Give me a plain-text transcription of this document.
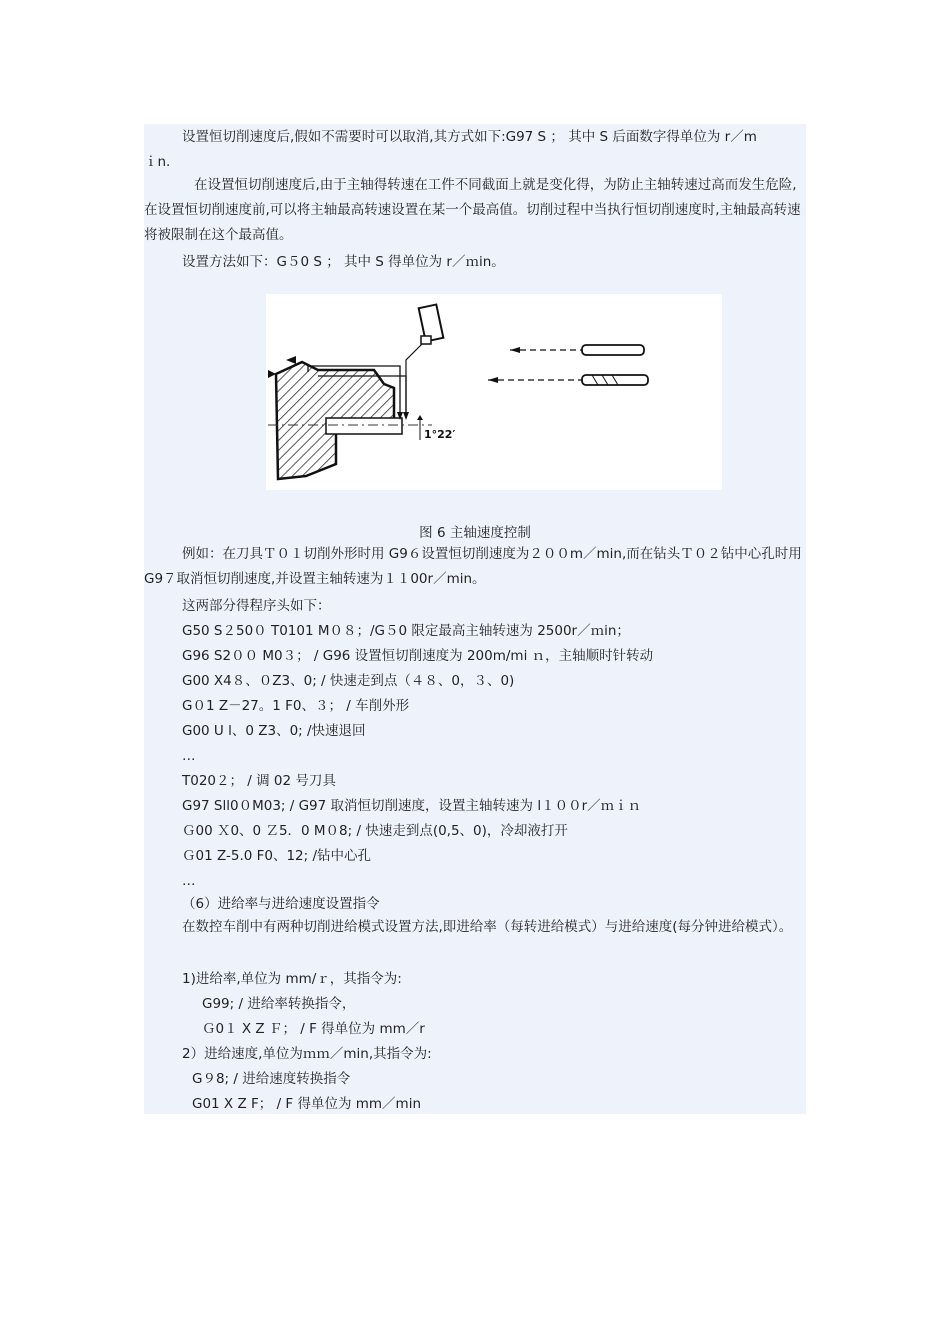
设置恒切削速度后,假如不需要时可以取消,其方式如下:G97 S ； 其中 S 后面数字得单位为 r／m
ｉn.
在设置恒切削速度后,由于主轴得转速在工件不同截面上就是变化得，为防止主轴转速过高而发生危险,在设置恒切削速度前,可以将主轴最高转速设置在某一个最高值。切削过程中当执行恒切削速度时,主轴最高转速将被限制在这个最高值。
设置方法如下：G５0 S ； 其中 S 得单位为 r／ｍin。
1°22′
图 6 主轴速度控制
例如：在刀具Ｔ０１切削外形时用 G9６设置恒切削速度为２００m／min,而在钻头Ｔ０２钻中心孔时用 G9７取消恒切削速度,并设置主轴转速为１１00r／min。
这两部分得程序头如下：
G50 S２50０ T0101 M０８；/G５0 限定最高主轴转速为 2500r／ｍin；
G96 S2００ M0３； / G96 设置恒切削速度为 200m/mi ｎ，主轴顺时针转动
G00 X4８、０Z3、0; / 快速走到点（４８、0，３、0)
G０1 Z－27。1 F0、３； / 车削外形
G00 U l、0 Z3、0; /快速退回
…
T020２； / 调 02 号刀具
G97 Sll0０M03; / G97 取消恒切削速度，设置主轴转速为 l１００r／ｍｉｎ
Ｇ00 Ｘ0、0 Ｚ5．0 M０8; / 快速走到点(0,5、0)，冷却液打开
Ｇ01 Z-5.0 F0、12; /钻中心孔
…
（6）进给率与进给速度设置指令
在数控车削中有两种切削进给模式设置方法,即进给率（每转进给模式）与进给速度(每分钟进给模式）。
1)进给率,单位为 mm/ｒ，其指令为:
G99; / 进给率转换指令，
Ｇ0１ X Z Ｆ； / F 得单位为 mm／r
2）进给速度,单位为ｍｍ／min,其指令为:
G９8; / 进给速度转换指令
G01 X Z F； / F 得单位为 mm／min
